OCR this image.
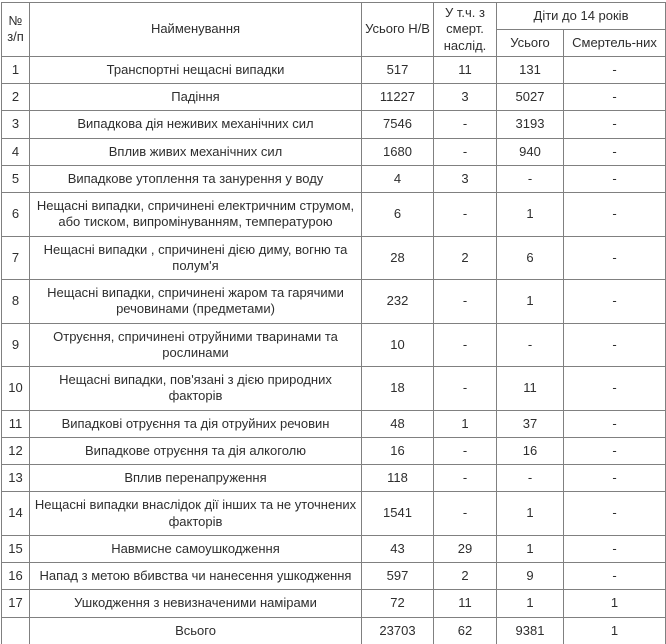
№ з/п	Найменування	Усього Н/В	У т.ч. з смерт. наслід.	Діти до 14 років	
				Усього	Смертель-них
1	Транспортні нещасні випадки	517	11	131	-
2	Падіння	11227	3	5027	-
3	Випадкова дія неживих механічних сил	7546	-	3193	-
4	Вплив живих механічних сил	1680	-	940	-
5	Випадкове утоплення та занурення у воду	4	3	-	-
6	Нещасні випадки, спричинені електричним струмом, або тиском, випромінуванням, температурою	6	-	1	-
7	Нещасні випадки , спричинені дією диму, вогню та полум'я	28	2	6	-
8	Нещасні випадки, спричинені жаром та гарячими речовинами (предметами)	232	-	1	-
9	Отруєння, спричинені отруйними тваринами та рослинами	10	-	-	-
10	Нещасні випадки, пов'язані з дією природних факторів	18	-	11	-
11	Випадкові отруєння та дія отруйних речовин	48	1	37	-
12	Випадкове отруєння та дія алкоголю	16	-	16	-
13	Вплив перенапруження	118	-	-	-
14	Нещасні випадки внаслідок дії інших та не уточнених факторів	1541	-	1	-
15	Навмисне самоушкодження	43	29	1	-
16	Напад з метою вбивства чи нанесення ушкодження	597	2	9	-
17	Ушкодження з невизначеними намірами	72	11	1	1
	Всього	23703	62	9381	1
